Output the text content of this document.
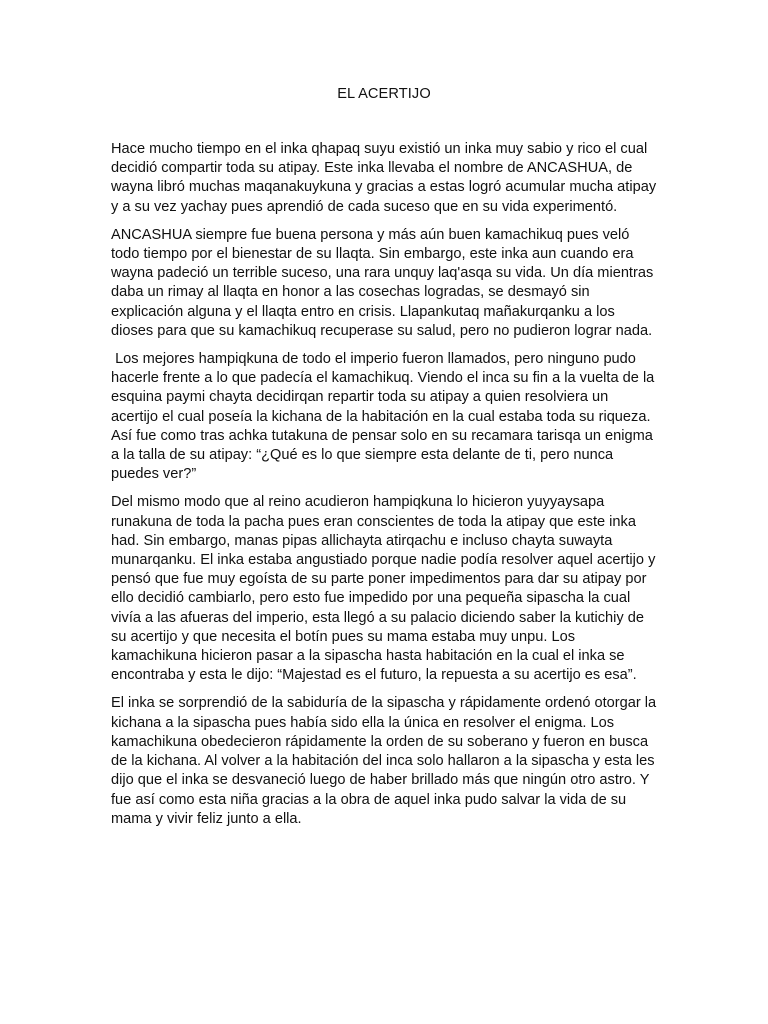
EL ACERTIJO

Hace mucho tiempo en el inka qhapaq suyu existió un inka muy sabio y rico el cual decidió compartir toda su atipay. Este inka llevaba el nombre de ANCASHUA, de wayna libró muchas maqanakuykuna y gracias a estas logró acumular mucha atipay y a su vez yachay pues aprendió de cada suceso que en su vida experimentó.

ANCASHUA siempre fue buena persona y más aún buen kamachikuq pues veló todo tiempo por el bienestar de su llaqta. Sin embargo, este inka aun cuando era wayna padeció un terrible suceso, una rara unquy laq'asqa su vida. Un día mientras daba un rimay al llaqta en honor a las cosechas logradas, se desmayó sin explicación alguna y el llaqta entro en crisis. Llapankutaq mañakurqanku a los dioses para que su kamachikuq recuperase su salud, pero no pudieron lograr nada.

Los mejores hampiqkuna de todo el imperio fueron llamados, pero ninguno pudo hacerle frente a lo que padecía el kamachikuq. Viendo el inca su fin a la vuelta de la esquina paymi chayta decidirqan repartir toda su atipay a quien resolviera un acertijo el cual poseía la kichana de la habitación en la cual estaba toda su riqueza. Así fue como tras achka tutakuna de pensar solo en su recamara tarisqa un enigma a la talla de su atipay: “¿Qué es lo que siempre esta delante de ti, pero nunca puedes ver?”

Del mismo modo que al reino acudieron hampiqkuna lo hicieron yuyyaysapa runakuna de toda la pacha pues eran conscientes de toda la atipay que este inka had. Sin embargo, manas pipas allichayta atirqachu e incluso chayta suwayta munarqanku. El inka estaba angustiado porque nadie podía resolver aquel acertijo y pensó que fue muy egoísta de su parte poner impedimentos para dar su atipay por ello decidió cambiarlo, pero esto fue impedido por una pequeña sipascha la cual vivía a las afueras del imperio, esta llegó a su palacio diciendo saber la kutichiy de su acertijo y que necesita el botín pues su mama estaba muy unpu. Los kamachikuna hicieron pasar a la sipascha hasta habitación en la cual el inka se encontraba y esta le dijo: “Majestad es el futuro, la repuesta a su acertijo es esa”.

El inka se sorprendió de la sabiduría de la sipascha y rápidamente ordenó otorgar la kichana a la sipascha pues había sido ella la única en resolver el enigma. Los kamachikuna obedecieron rápidamente la orden de su soberano y fueron en busca de la kichana. Al volver a la habitación del inca solo hallaron a la sipascha y esta les dijo que el inka se desvaneció luego de haber brillado más que ningún otro astro. Y fue así como esta niña gracias a la obra de aquel inka pudo salvar la vida de su mama y vivir feliz junto a ella.
